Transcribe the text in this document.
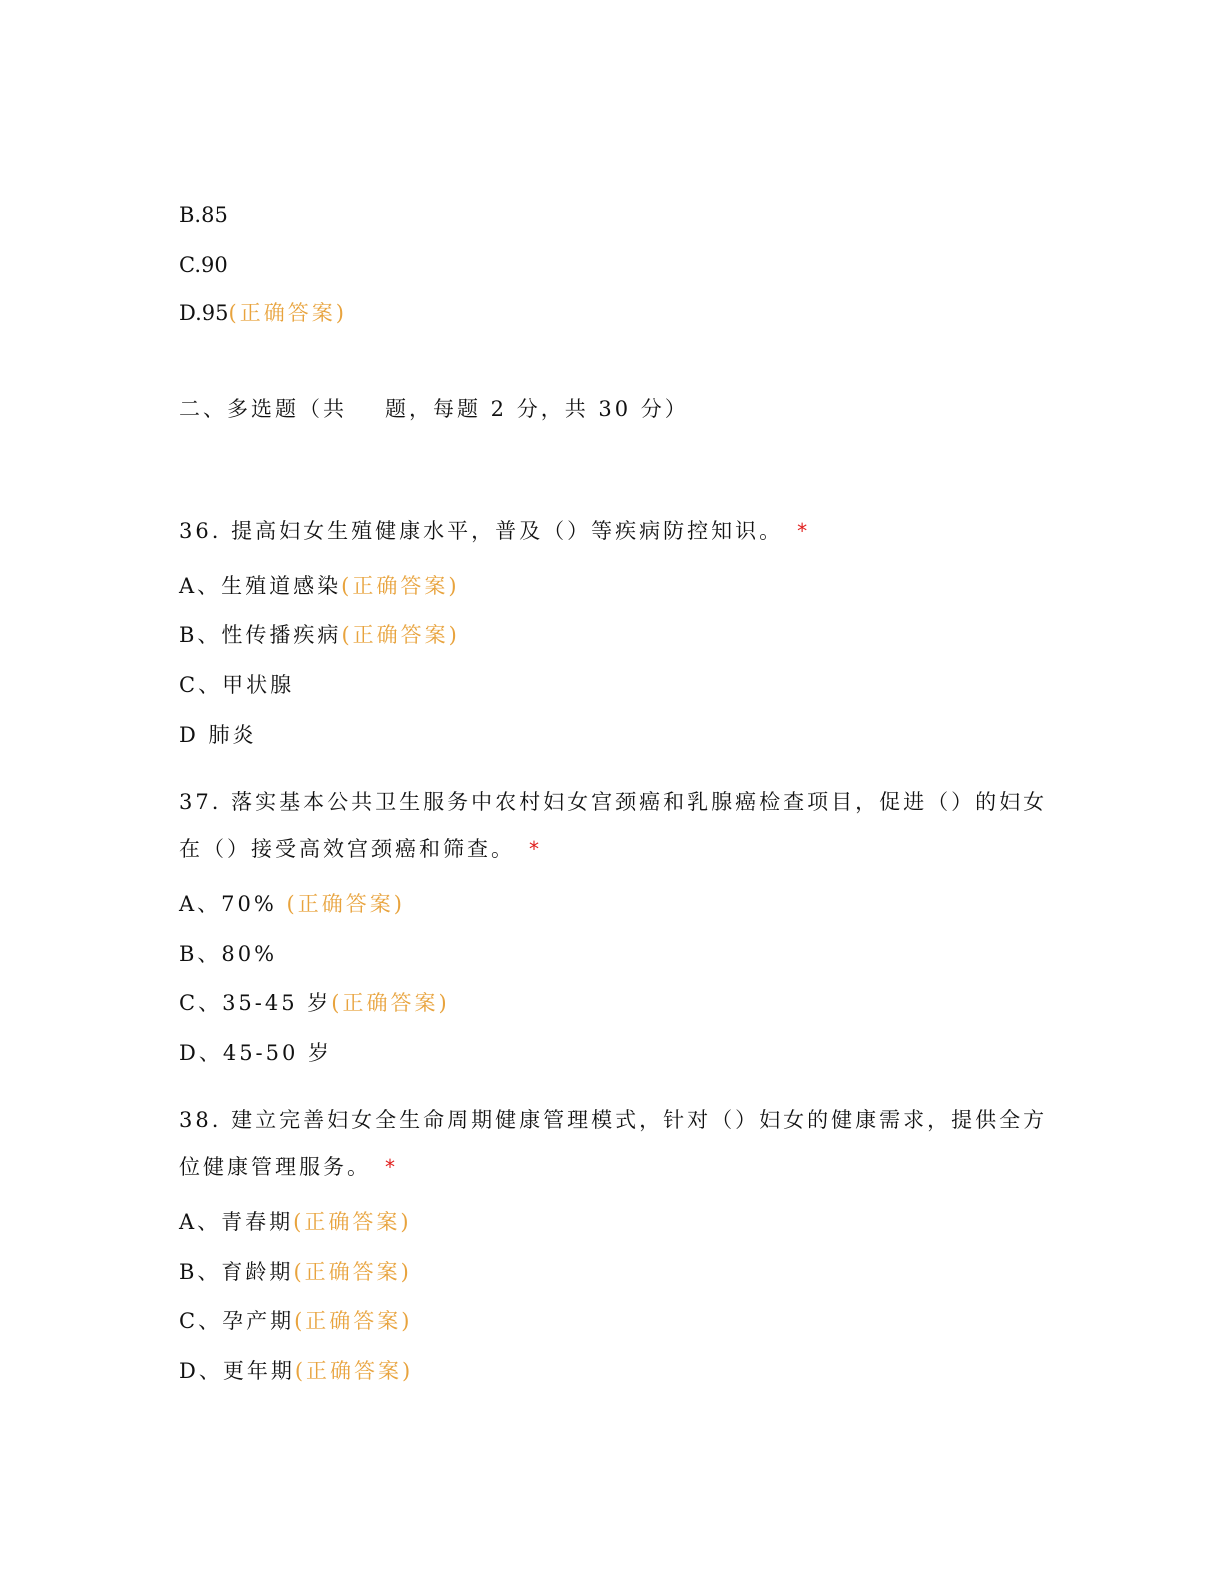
B.85
C.90
D.95(正确答案)
二、多选题（共 题，每题 2 分，共 30 分）
36. 提高妇女生殖健康水平，普及（）等疾病防控知识。 *
A、生殖道感染(正确答案)
B、性传播疾病(正确答案)
C、甲状腺
D 肺炎
37. 落实基本公共卫生服务中农村妇女宫颈癌和乳腺癌检查项目，促进（）的妇女
在（）接受高效宫颈癌和筛查。 *
A、70% (正确答案)
B、80%
C、35-45 岁(正确答案)
D、45-50 岁
38. 建立完善妇女全生命周期健康管理模式，针对（）妇女的健康需求，提供全方
位健康管理服务。 *
A、青春期(正确答案)
B、育龄期(正确答案)
C、孕产期(正确答案)
D、更年期(正确答案)
